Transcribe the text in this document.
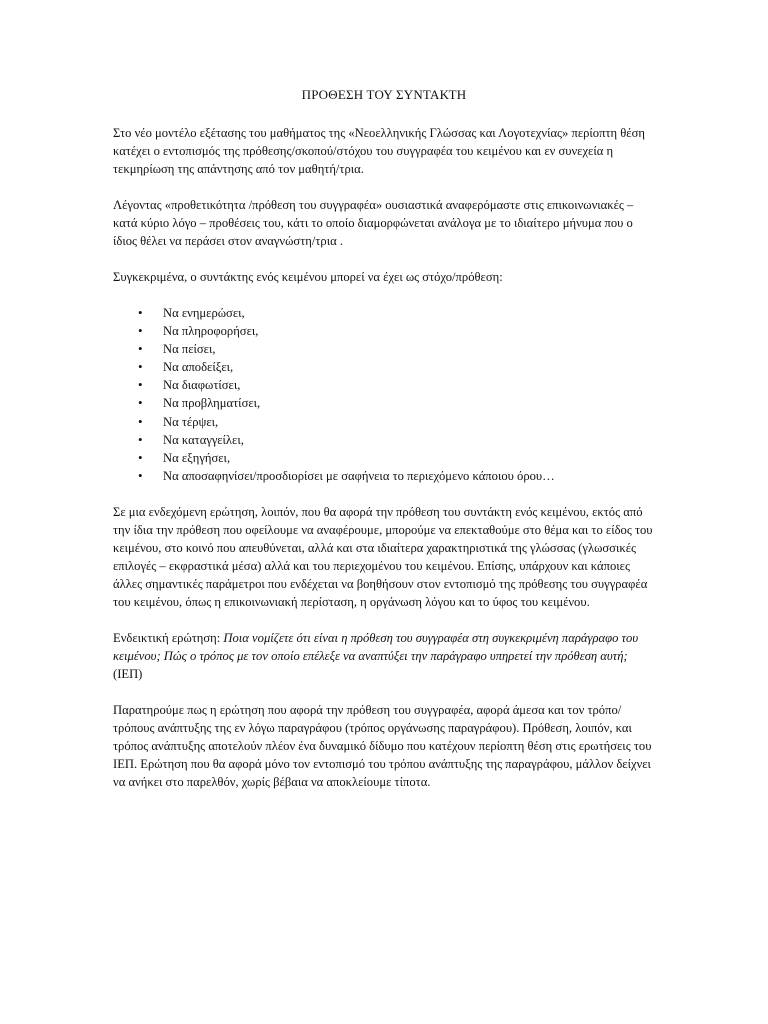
ΠΡΟΘΕΣΗ ΤΟΥ ΣΥΝΤΑΚΤΗ

Στο νέο μοντέλο εξέτασης του μαθήματος της «Νεοελληνικής Γλώσσας και Λογοτεχνίας» περίοπτη θέση κατέχει ο εντοπισμός της πρόθεσης/σκοπού/στόχου του συγγραφέα του κειμένου και εν συνεχεία η τεκμηρίωση της απάντησης από τον μαθητή/τρια.

Λέγοντας «προθετικότητα /πρόθεση του συγγραφέα» ουσιαστικά αναφερόμαστε στις επικοινωνιακές – κατά κύριο λόγο – προθέσεις του, κάτι το οποίο διαμορφώνεται ανάλογα με το ιδιαίτερο μήνυμα που ο ίδιος θέλει να περάσει στον αναγνώστη/τρια .

Συγκεκριμένα, ο συντάκτης ενός κειμένου μπορεί να έχει ως στόχο/πρόθεση:

• Να ενημερώσει,
• Να πληροφορήσει,
• Να πείσει,
• Να αποδείξει,
• Να διαφωτίσει,
• Να προβληματίσει,
• Να τέρψει,
• Να καταγγείλει,
• Να εξηγήσει,
• Να αποσαφηνίσει/προσδιορίσει με σαφήνεια το περιεχόμενο κάποιου όρου…

Σε μια ενδεχόμενη ερώτηση, λοιπόν, που θα αφορά την πρόθεση του συντάκτη ενός κειμένου, εκτός από την ίδια την πρόθεση που οφείλουμε να αναφέρουμε, μπορούμε να επεκταθούμε στο θέμα και το είδος του κειμένου, στο κοινό που απευθύνεται, αλλά και στα ιδιαίτερα χαρακτηριστικά της γλώσσας (γλωσσικές επιλογές – εκφραστικά μέσα) αλλά και του περιεχομένου του κειμένου. Επίσης, υπάρχουν και κάποιες άλλες σημαντικές παράμετροι που ενδέχεται να βοηθήσουν στον εντοπισμό της πρόθεσης του συγγραφέα του κειμένου, όπως η επικοινωνιακή περίσταση, η οργάνωση λόγου και το ύφος του κειμένου.

Ενδεικτική ερώτηση: Ποια νομίζετε ότι είναι η πρόθεση του συγγραφέα στη συγκεκριμένη παράγραφο του κειμένου; Πώς ο τρόπος με τον οποίο επέλεξε να αναπτύξει την παράγραφο υπηρετεί την πρόθεση αυτή; (ΙΕΠ)

Παρατηρούμε πως η ερώτηση που αφορά την πρόθεση του συγγραφέα, αφορά άμεσα και τον τρόπο/τρόπους ανάπτυξης της εν λόγω παραγράφου (τρόπος οργάνωσης παραγράφου). Πρόθεση, λοιπόν, και τρόπος ανάπτυξης αποτελούν πλέον ένα δυναμικό δίδυμο που κατέχουν περίοπτη θέση στις ερωτήσεις του ΙΕΠ. Ερώτηση που θα αφορά μόνο τον εντοπισμό του τρόπου ανάπτυξης της παραγράφου, μάλλον δείχνει να ανήκει στο παρελθόν, χωρίς βέβαια να αποκλείουμε τίποτα.
